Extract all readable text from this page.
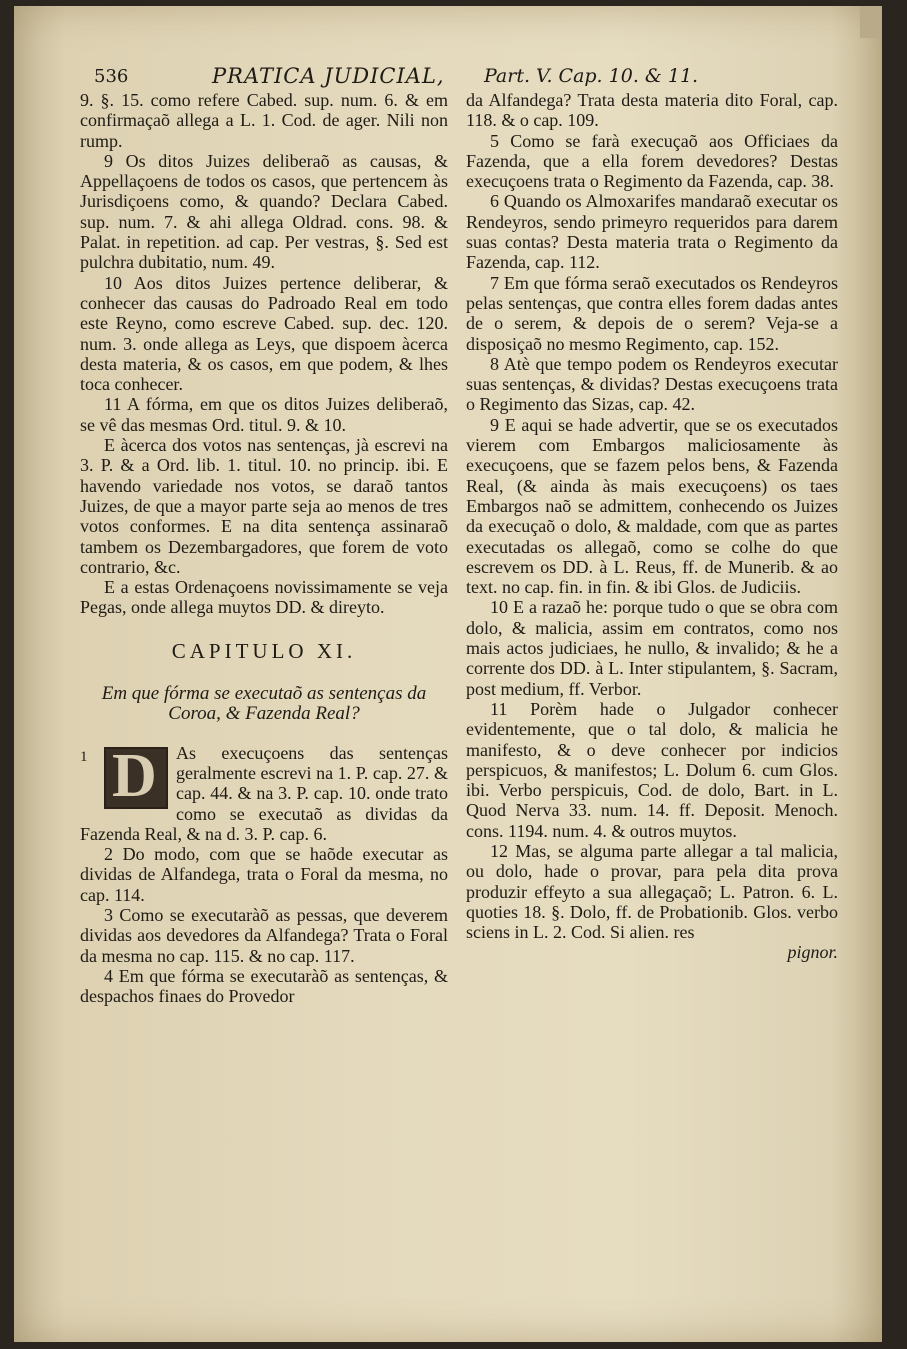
536	PRATICA JUDICIAL, Part. V. Cap. 10. & 11.

9. §. 15. como refere Cabed. sup. num. 6. & em confirmaçaõ allega a L. 1. Cod. de ager. Nili non rump.

9 Os ditos Juizes deliberaõ as causas, & Appellaçoens de todos os casos, que pertencem às Jurisdiçoens como, & quando? Declara Cabed. sup. num. 7. & ahi allega Oldrad. cons. 98. & Palat. in repetition. ad cap. Per vestras, §. Sed est pulchra dubitatio, num. 49.

10 Aos ditos Juizes pertence deliberar, & conhecer das causas do Padroado Real em todo este Reyno, como escreve Cabed. sup. dec. 120. num. 3. onde allega as Leys, que dispoem àcerca desta materia, & os casos, em que podem, & lhes toca conhecer.

11 A fórma, em que os ditos Juizes deliberaõ, se vê das mesmas Ord. titul. 9. & 10.

E àcerca dos votos nas sentenças, jà escrevi na 3. P. & a Ord. lib. 1. titul. 10. no princip. ibi. E havendo variedade nos votos, se daraõ tantos Juizes, de que a mayor parte seja ao menos de tres votos conformes. E na dita sentença assinaraõ tambem os Dezembargadores, que forem de voto contrario, &c.

E a estas Ordenaçoens novissimamente se veja Pegas, onde allega muytos DD. & direyto.

CAPITULO XI.
Em que fórma se executaõ as sentenças da Coroa, & Fazenda Real?

1 D As execuçoens das sentenças geralmente escrevi na 1. P. cap. 27. & cap. 44. & na 3. P. cap. 10. onde trato como se executaõ as dividas da Fazenda Real, & na d. 3. P. cap. 6.

2 Do modo, com que se haõde executar as dividas de Alfandega, trata o Foral da mesma, no cap. 114.

3 Como se executaràõ as pessas, que deverem dividas aos devedores da Alfandega? Trata o Foral da mesma no cap. 115. & no cap. 117.

4 Em que fórma se executaràõ as sentenças, & despachos finaes do Provedor

da Alfandega? Trata desta materia dito Foral, cap. 118. & o cap. 109.

5 Como se farà execuçaõ aos Officiaes da Fazenda, que a ella forem devedores? Destas execuçoens trata o Regimento da Fazenda, cap. 38.

6 Quando os Almoxarifes mandaraõ executar os Rendeyros, sendo primeyro requeridos para darem suas contas? Desta materia trata o Regimento da Fazenda, cap. 112.

7 Em que fórma seraõ executados os Rendeyros pelas sentenças, que contra elles forem dadas antes de o serem, & depois de o serem? Veja-se a disposiçaõ no mesmo Regimento, cap. 152.

8 Atè que tempo podem os Rendeyros executar suas sentenças, & dividas? Destas execuçoens trata o Regimento das Sizas, cap. 42.

9 E aqui se hade advertir, que se os executados vierem com Embargos maliciosamente às execuçoens, que se fazem pelos bens, & Fazenda Real, (& ainda às mais execuçoens) os taes Embargos naõ se admittem, conhecendo os Juizes da execuçaõ o dolo, & maldade, com que as partes executadas os allegaõ, como se colhe do que escrevem os DD. à L. Reus, ff. de Munerib. & ao text. no cap. fin. in fin. & ibi Glos. de Judiciis.

10 E a razaõ he: porque tudo o que se obra com dolo, & malicia, assim em contratos, como nos mais actos judiciaes, he nullo, & invalido; & he a corrente dos DD. à L. Inter stipulantem, §. Sacram, post medium, ff. Verbor.

11 Porèm hade o Julgador conhecer evidentemente, que o tal dolo, & malicia he manifesto, & o deve conhecer por indicios perspicuos, & manifestos; L. Dolum 6. cum Glos. ibi. Verbo perspicuis, Cod. de dolo, Bart. in L. Quod Nerva 33. num. 14. ff. Deposit. Menoch. cons. 1194. num. 4. & outros muytos.

12 Mas, se alguma parte allegar a tal malicia, ou dolo, hade o provar, para pela dita prova produzir effeyto a sua allegaçaõ; L. Patron. 6. L. quoties 18. §. Dolo, ff. de Probationib. Glos. verbo sciens in L. 2. Cod. Si alien. res

pignor.
